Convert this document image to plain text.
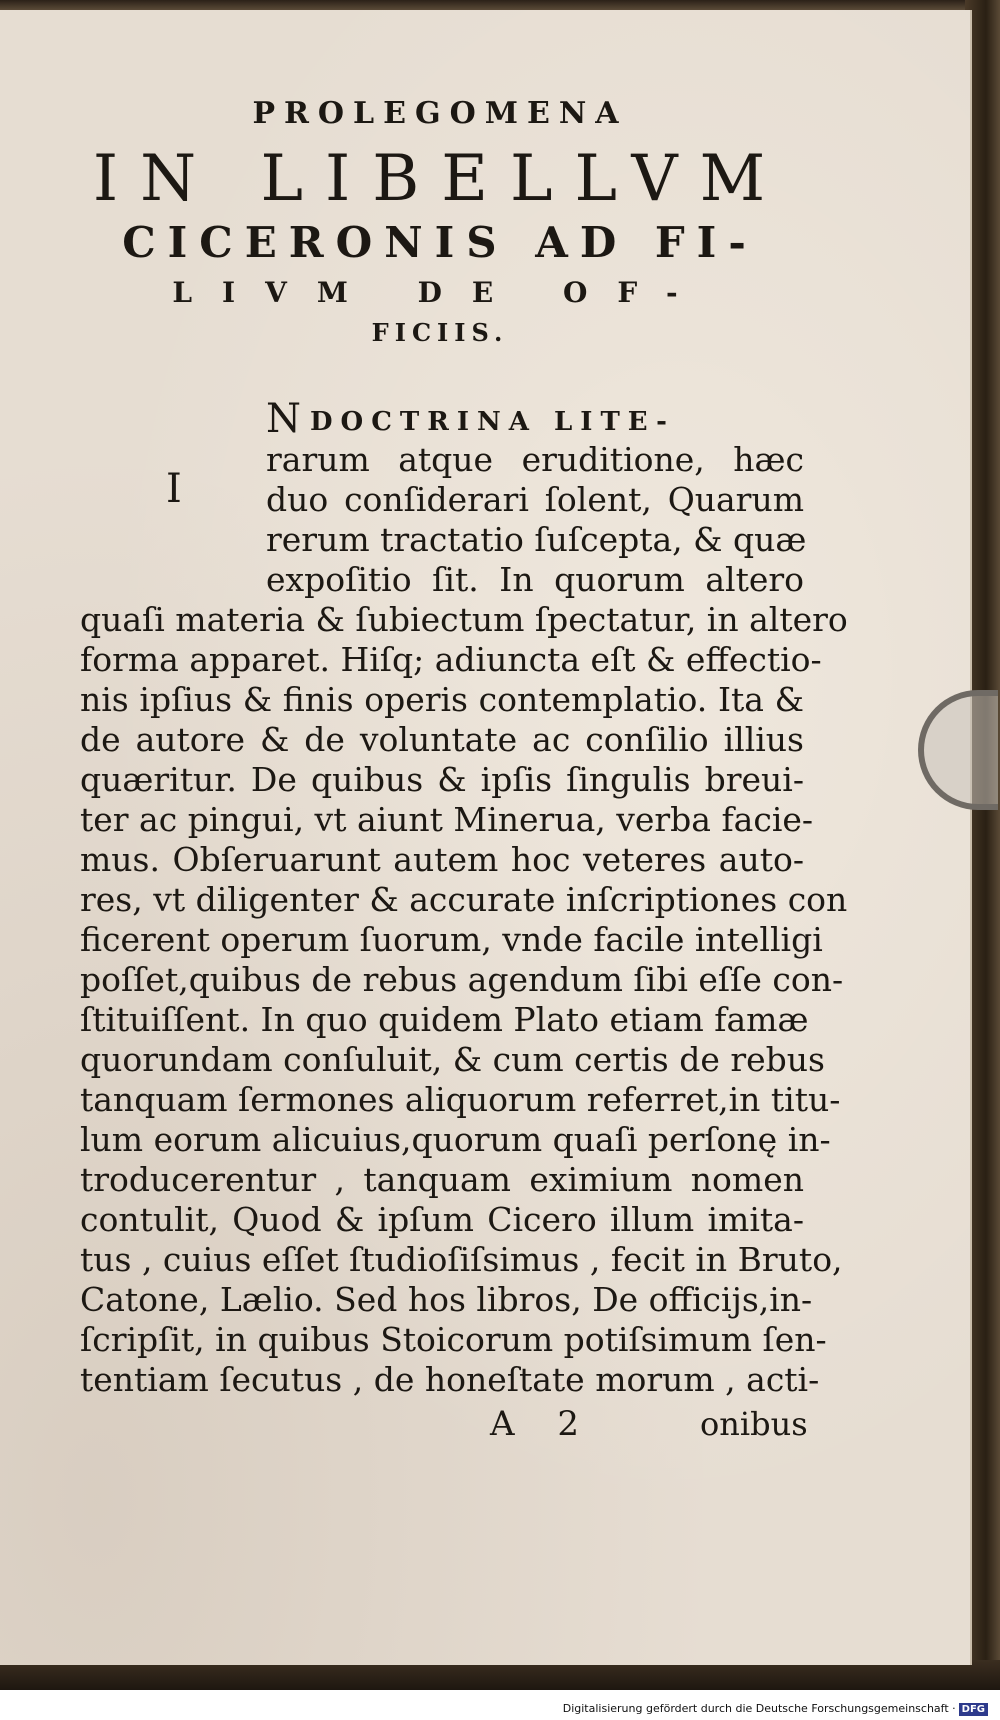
PROLEGOMENA
IN LIBELLVM
CICERONIS AD FI-
LIVM DE OF-
FICIIS.
N DOCTRINA LITE-
I
rarum atque eruditione, hæc
duo conſiderari ſolent, Quarum
rerum tractatio ſuſcepta, & quæ
expoſitio ſit. In quorum altero
quaſi materia & ſubiectum ſpectatur, in altero
forma apparet. Hiſq; adiuncta eſt & effectio-
nis ipſius & finis operis contemplatio. Ita &
de autore & de voluntate ac conſilio illius
quæritur. De quibus & ipſis ſingulis breui-
ter ac pingui, vt aiunt Minerua, verba facie-
mus. Obſeruarunt autem hoc veteres auto-
res, vt diligenter & accurate inſcriptiones con
ficerent operum ſuorum, vnde facile intelligi
poſſet,quibus de rebus agendum ſibi eſſe con-
ſtituiſſent. In quo quidem Plato etiam famæ
quorundam conſuluit, & cum certis de rebus
tanquam ſermones aliquorum referret,in titu-
lum eorum alicuius,quorum quaſi perſonę in-
troducerentur , tanquam eximium nomen
contulit, Quod & ipſum Cicero illum imita-
tus , cuius eſſet ſtudioſiſsimus , fecit in Bruto,
Catone, Lælio. Sed hos libros, De officijs,in-
ſcripſit, in quibus Stoicorum potiſsimum ſen-
tentiam ſecutus , de honeſtate morum , acti-
A 2	onibus
Digitalisierung gefördert durch die Deutsche Forschungsgemeinschaft · DFG
